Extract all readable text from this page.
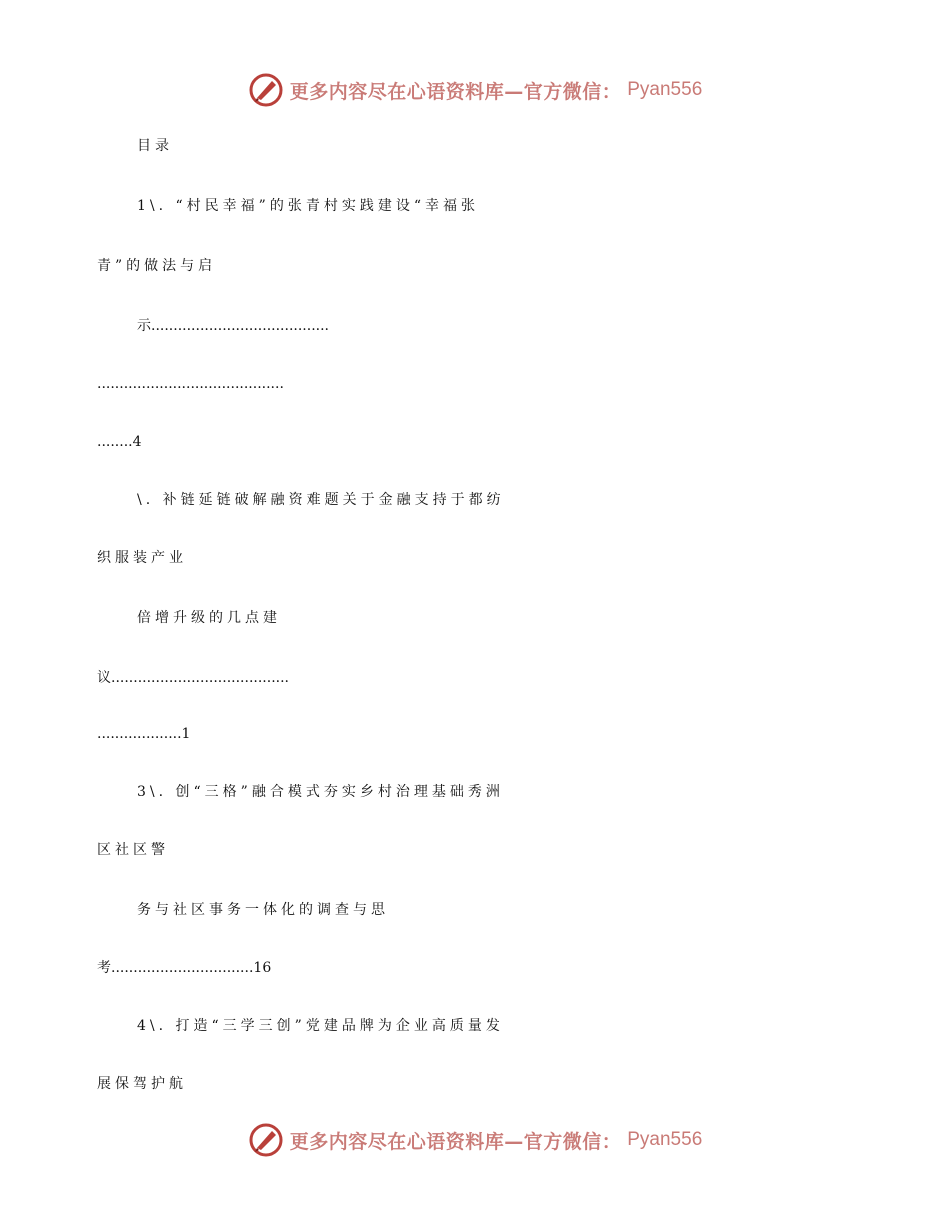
更多内容尽在心语资料库—官方微信： Pyan556
目录
1\. “村民幸福”的张青村实践建设“幸福张
青”的做法与启
示........................................
..........................................
........4
\. 补链延链破解融资难题关于金融支持于都纺
织服装产业
倍增升级的几点建
议........................................
...................1
3\. 创“三格”融合模式夯实乡村治理基础秀洲
区社区警
务与社区事务一体化的调查与思
考................................16
4\. 打造“三学三创”党建品牌为企业高质量发
展保驾护航
更多内容尽在心语资料库—官方微信： Pyan556
